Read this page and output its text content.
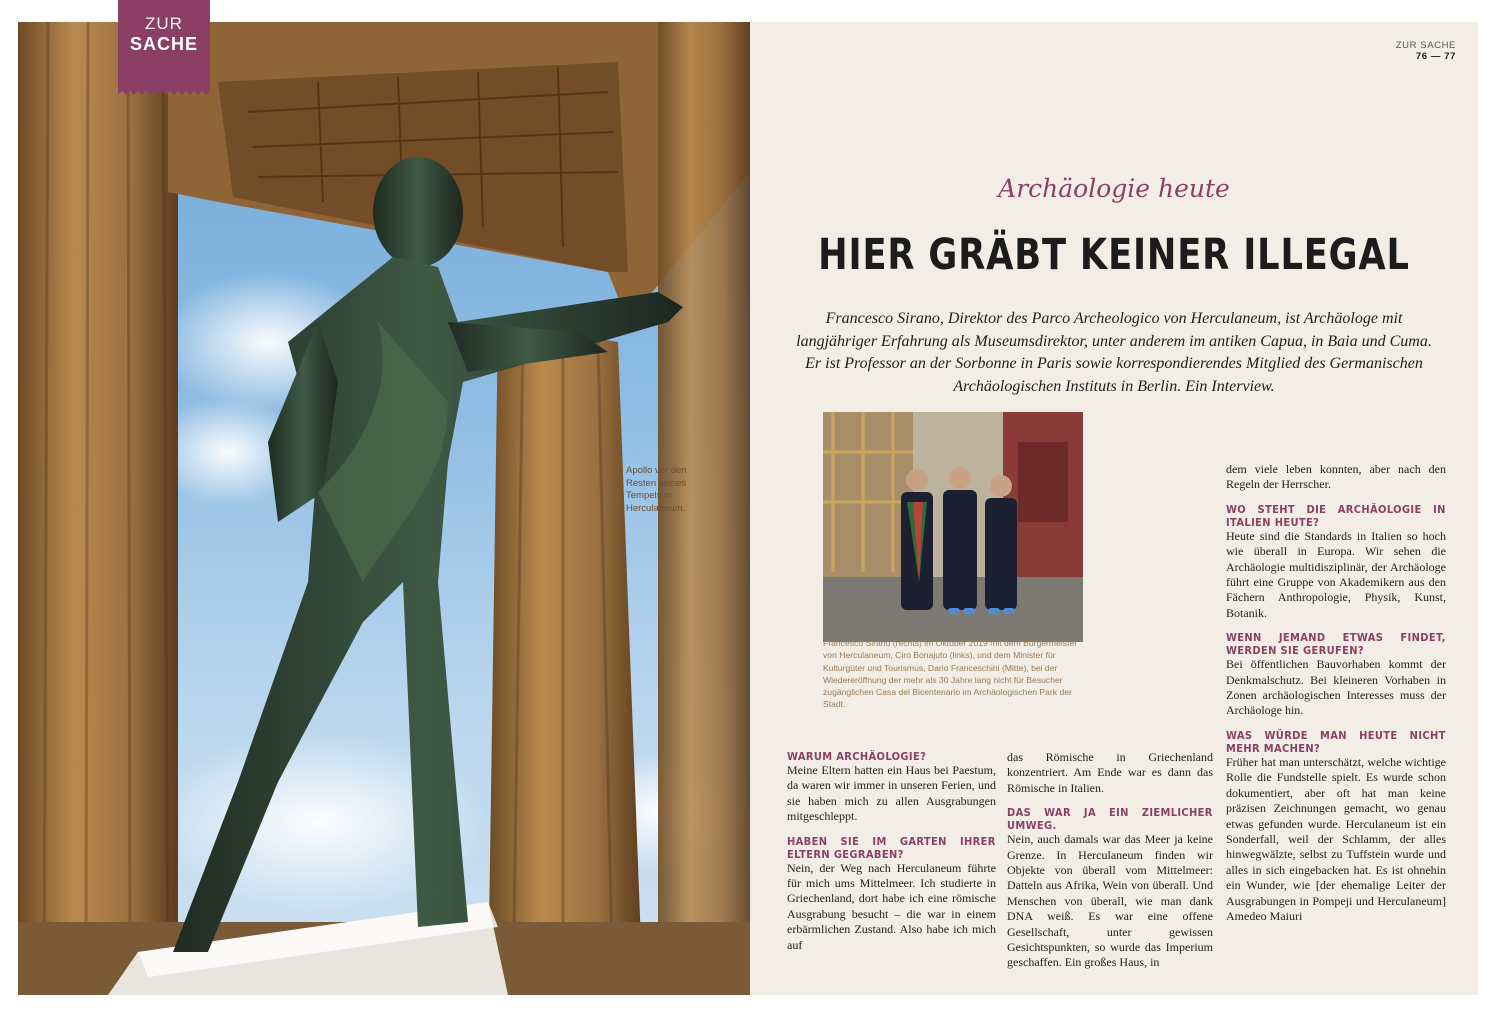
Apollo vor den
Resten seines
Tempels in
Herculaneum.
ZUR
SACHE	ZUR SACHE
76 — 77
Archäologie heute
HIER GRÄBT KEINER ILLEGAL
Francesco Sirano, Direktor des Parco Archeologico von Herculaneum, ist Archäologe mit langjähriger Erfahrung als Museumsdirektor, unter anderem im antiken Capua, in Baia und Cuma. Er ist Professor an der Sorbonne in Paris sowie korrespondierendes Mitglied des Germanischen Archäologischen Instituts in Berlin. Ein Interview.
Francesco Sirano (rechts) im Oktober 2019 mit dem Bürgermeister von Herculaneum, Ciro Bonajuto (links), und dem Minister für Kulturgüter und Tourismus, Dario Franceschini (Mitte), bei der Wiedereröffnung der mehr als 30 Jahre lang nicht für Besucher zugänglichen Casa del Bicentenario im Archäologischen Park der Stadt.
WARUM ARCHÄOLOGIE?
Meine Eltern hatten ein Haus bei Paestum, da waren wir immer in unseren Ferien, und sie haben mich zu allen Ausgrabungen mitgeschleppt.
HABEN SIE IM GARTEN IHRER ELTERN GEGRABEN?
Nein, der Weg nach Herculaneum führte für mich ums Mittelmeer. Ich studierte in Griechenland, dort habe ich eine römische Ausgrabung besucht – die war in einem erbärmlichen Zustand. Also habe ich mich auf
das Römische in Griechenland konzentriert. Am Ende war es dann das Römische in Italien.
DAS WAR JA EIN ZIEMLICHER UMWEG.
Nein, auch damals war das Meer ja keine Grenze. In Herculaneum finden wir Objekte von überall vom Mittelmeer: Datteln aus Afrika, Wein von überall. Und Menschen von überall, wie man dank DNA weiß. Es war eine offene Gesellschaft, unter gewissen Gesichtspunkten, so wurde das Imperium geschaffen. Ein großes Haus, in
dem viele leben konnten, aber nach den Regeln der Herrscher.
WO STEHT DIE ARCHÄOLOGIE IN ITALIEN HEUTE?
Heute sind die Standards in Italien so hoch wie überall in Europa. Wir sehen die Archäologie multidisziplinär, der Archäologe führt eine Gruppe von Akademikern aus den Fächern Anthropologie, Physik, Kunst, Botanik.
WENN JEMAND ETWAS FINDET, WERDEN SIE GERUFEN?
Bei öffentlichen Bauvorhaben kommt der Denkmalschutz. Bei kleineren Vorhaben in Zonen archäologischen Interesses muss der Archäologe hin.
WAS WÜRDE MAN HEUTE NICHT MEHR MACHEN?
Früher hat man unterschätzt, welche wichtige Rolle die Fundstelle spielt. Es wurde schon dokumentiert, aber oft hat man keine präzisen Zeichnungen gemacht, wo genau etwas gefunden wurde. Herculaneum ist ein Sonderfall, weil der Schlamm, der alles hinwegwälzte, selbst zu Tuffstein wurde und alles in sich eingebacken hat. Es ist ohnehin ein Wunder, wie [der ehemalige Leiter der Ausgrabungen in Pompeji und Herculaneum] Amedeo Maiuri
